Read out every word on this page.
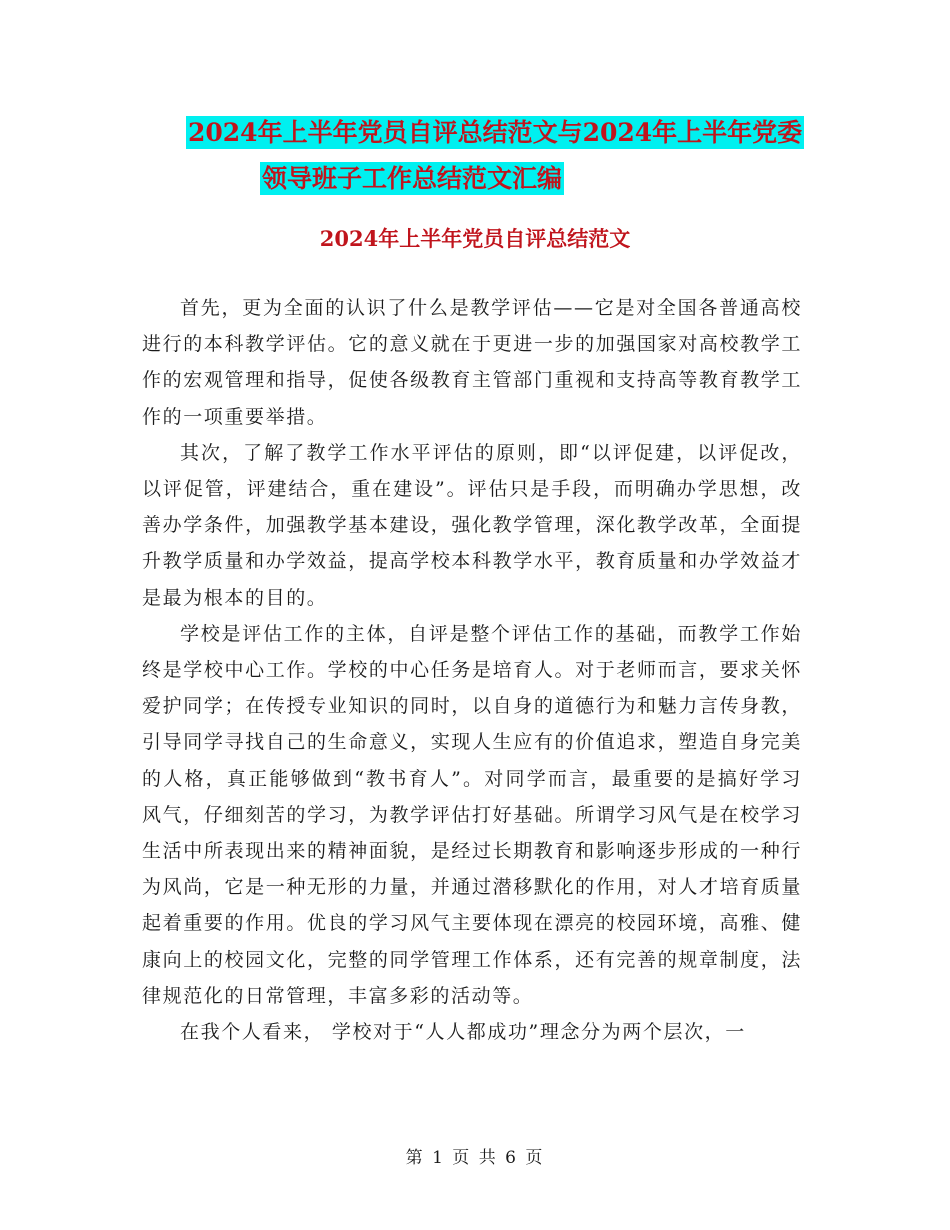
2024年上半年党员自评总结范文与2024年上半年党委
领导班子工作总结范文汇编
2024年上半年党员自评总结范文

首先，更为全面的认识了什么是教学评估——它是对全国各普通高校进行的本科教学评估。它的意义就在于更进一步的加强国家对高校教学工作的宏观管理和指导，促使各级教育主管部门重视和支持高等教育教学工作的一项重要举措。

其次，了解了教学工作水平评估的原则，即“以评促建，以评促改，以评促管，评建结合，重在建设”。评估只是手段，而明确办学思想，改善办学条件，加强教学基本建设，强化教学管理，深化教学改革，全面提升教学质量和办学效益，提高学校本科教学水平，教育质量和办学效益才是最为根本的目的。

学校是评估工作的主体，自评是整个评估工作的基础，而教学工作始终是学校中心工作。学校的中心任务是培育人。对于老师而言，要求关怀爱护同学；在传授专业知识的同时，以自身的道德行为和魅力言传身教，引导同学寻找自己的生命意义，实现人生应有的价值追求，塑造自身完美的人格，真正能够做到“教书育人”。对同学而言，最重要的是搞好学习风气，仔细刻苦的学习，为教学评估打好基础。所谓学习风气是在校学习生活中所表现出来的精神面貌，是经过长期教育和影响逐步形成的一种行为风尚，它是一种无形的力量，并通过潜移默化的作用，对人才培育质量起着重要的作用。优良的学习风气主要体现在漂亮的校园环境，高雅、健康向上的校园文化，完整的同学管理工作体系，还有完善的规章制度，法律规范化的日常管理，丰富多彩的活动等。

在我个人看来， 学校对于“人人都成功”理念分为两个层次，一

第 1 页 共 6 页
